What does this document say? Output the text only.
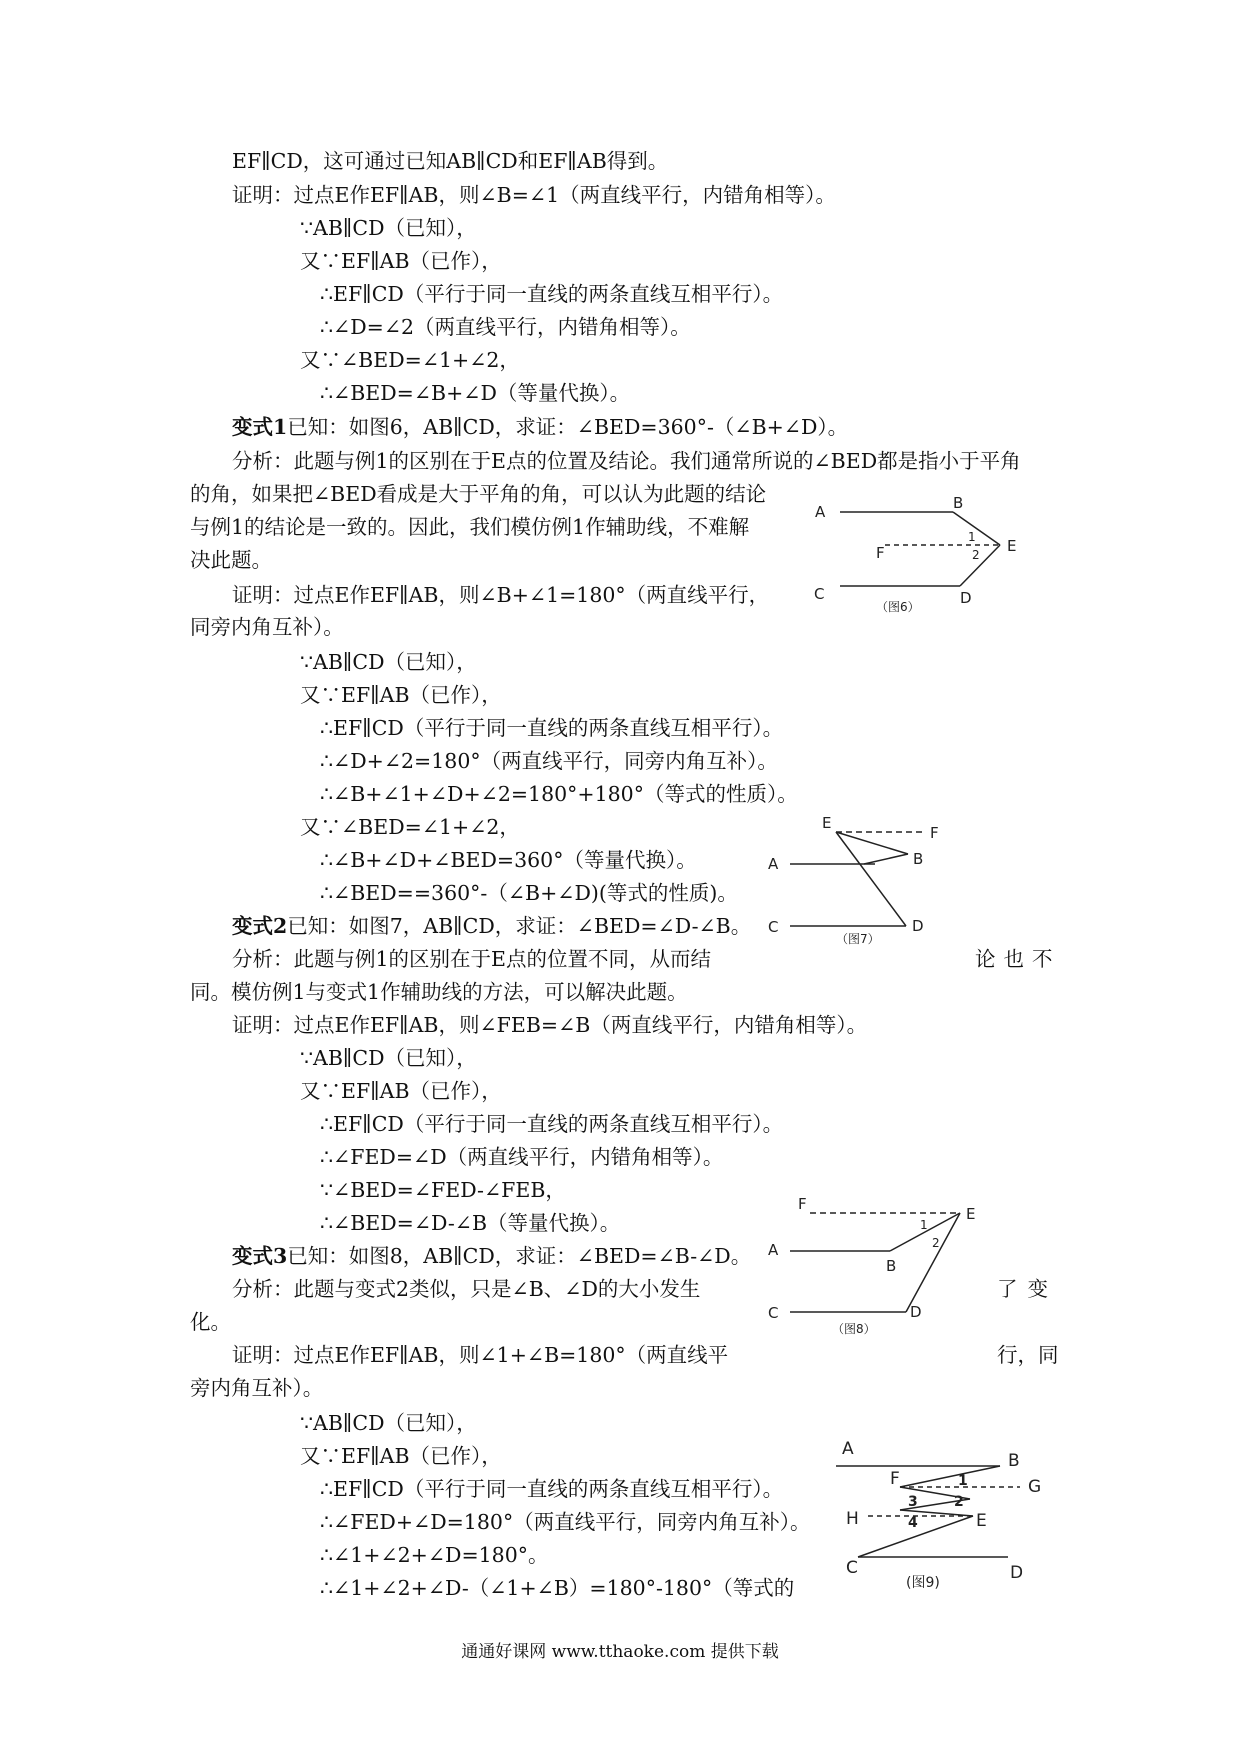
EF∥CD，这可通过已知AB∥CD和EF∥AB得到。
证明：过点E作EF∥AB，则∠B=∠1（两直线平行，内错角相等）。
∵AB∥CD（已知），
又∵EF∥AB（已作），
∴EF∥CD（平行于同一直线的两条直线互相平行）。
∴∠D=∠2（两直线平行，内错角相等）。
又∵∠BED=∠1+∠2，
∴∠BED=∠B+∠D（等量代换）。
变式1已知：如图6，AB∥CD，求证：∠BED=360°-（∠B+∠D）。
分析：此题与例1的区别在于E点的位置及结论。我们通常所说的∠BED都是指小于平角
的角，如果把∠BED看成是大于平角的角，可以认为此题的结论
与例1的结论是一致的。因此，我们模仿例1作辅助线，不难解
决此题。
证明：过点E作EF∥AB，则∠B+∠1=180°（两直线平行，
同旁内角互补）。
∵AB∥CD（已知），
又∵EF∥AB（已作），
∴EF∥CD（平行于同一直线的两条直线互相平行）。
∴∠D+∠2=180°（两直线平行，同旁内角互补）。
∴∠B+∠1+∠D+∠2=180°+180°（等式的性质）。
又∵∠BED=∠1+∠2，
∴∠B+∠D+∠BED=360°（等量代换）。
∴∠BED==360°-（∠B+∠D)(等式的性质)。
变式2已知：如图7，AB∥CD，求证：∠BED=∠D-∠B。
分析：此题与例1的区别在于E点的位置不同，从而结	论也不
同。模仿例1与变式1作辅助线的方法，可以解决此题。
证明：过点E作EF∥AB，则∠FEB=∠B（两直线平行，内错角相等）。
∵AB∥CD（已知），
又∵EF∥AB（已作），
∴EF∥CD（平行于同一直线的两条直线互相平行）。
∴∠FED=∠D（两直线平行，内错角相等）。
∵∠BED=∠FED-∠FEB，
∴∠BED=∠D-∠B（等量代换）。
变式3已知：如图8，AB∥CD，求证：∠BED=∠B-∠D。
分析：此题与变式2类似，只是∠B、∠D的大小发生	了变
化。
证明：过点E作EF∥AB，则∠1+∠B=180°（两直线平	行，同
旁内角互补）。
∵AB∥CD（已知），
又∵EF∥AB（已作），
∴EF∥CD（平行于同一直线的两条直线互相平行）。
∴∠FED+∠D=180°（两直线平行，同旁内角互补）。
∴∠1+∠2+∠D=180°。
∴∠1+∠2+∠D-（∠1+∠B）=180°-180°（等式的
A	B
E
F
1
2
C	D
（图6）
E
F
A	B
C	D
（图7）
F
E
1
2
A
B
C	D
（图8）
A
B
F	G
1
2
3
4
H	E
C	D
(图9)
通通好课网 www.tthaoke.com 提供下载
